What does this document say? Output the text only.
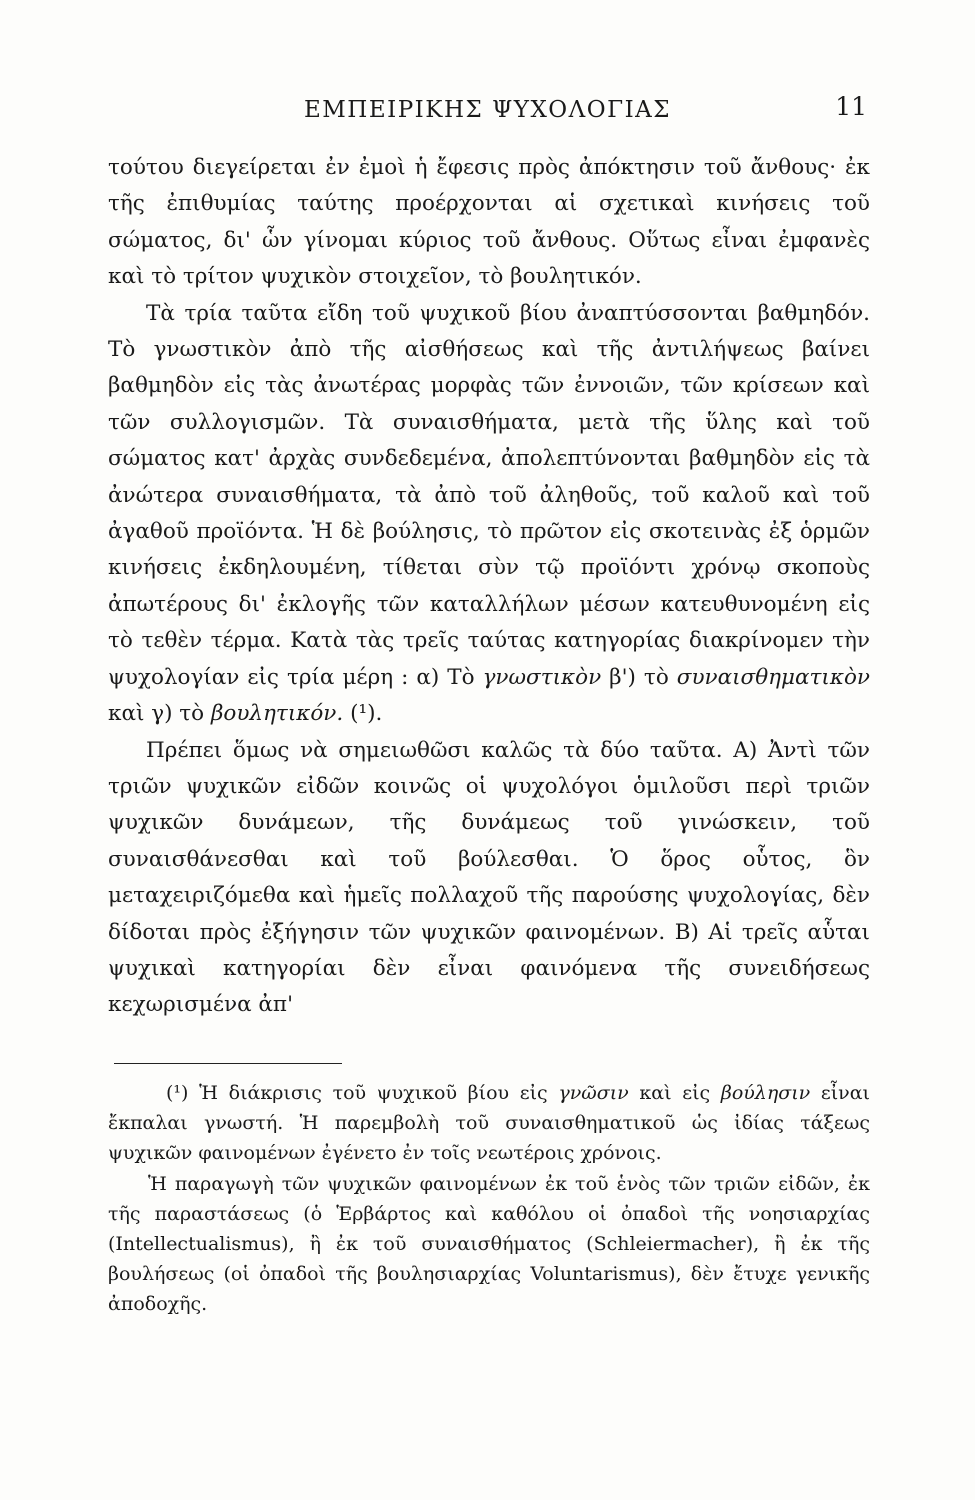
ΕΜΠΕΙΡΙΚΗΣ ΨΥΧΟΛΟΓΙΑΣ	11

τούτου διεγείρεται ἐν ἐμοὶ ἡ ἔφεσις πρὸς ἀπόκτησιν τοῦ ἄνθους· ἐκ τῆς ἐπιθυμίας ταύτης προέρχονται αἱ σχετικαὶ κινήσεις τοῦ σώματος, δι' ὧν γίνομαι κύριος τοῦ ἄνθους. Οὕτως εἶναι ἐμφανὲς καὶ τὸ τρίτον ψυχικὸν στοιχεῖον, τὸ βουλητικόν.

Τὰ τρία ταῦτα εἴδη τοῦ ψυχικοῦ βίου ἀναπτύσσονται βαθμηδόν. Τὸ γνωστικὸν ἀπὸ τῆς αἰσθήσεως καὶ τῆς ἀντιλήψεως βαίνει βαθμηδὸν εἰς τὰς ἀνωτέρας μορφὰς τῶν ἐννοιῶν, τῶν κρίσεων καὶ τῶν συλλογισμῶν. Τὰ συναισθήματα, μετὰ τῆς ὕλης καὶ τοῦ σώματος κατ' ἀρχὰς συνδεδεμένα, ἀπολεπτύνονται βαθμηδὸν εἰς τὰ ἀνώτερα συναισθήματα, τὰ ἀπὸ τοῦ ἀληθοῦς, τοῦ καλοῦ καὶ τοῦ ἀγαθοῦ προϊόντα. Ἡ δὲ βούλησις, τὸ πρῶτον εἰς σκοτεινὰς ἐξ ὁρμῶν κινήσεις ἐκδηλουμένη, τίθεται σὺν τῷ προϊόντι χρόνῳ σκοποὺς ἀπωτέρους δι' ἐκλογῆς τῶν καταλλήλων μέσων κατευθυνομένη εἰς τὸ τεθὲν τέρμα. Κατὰ τὰς τρεῖς ταύτας κατηγορίας διακρίνομεν τὴν ψυχολογίαν εἰς τρία μέρη : α) Τὸ γνωστικὸν β') τὸ συναισθηματικὸν καὶ γ) τὸ βουλητικόν. (¹).

Πρέπει ὅμως νὰ σημειωθῶσι καλῶς τὰ δύο ταῦτα. Α) Ἀντὶ τῶν τριῶν ψυχικῶν εἰδῶν κοινῶς οἱ ψυχολόγοι ὁμιλοῦσι περὶ τριῶν ψυχικῶν δυνάμεων, τῆς δυνάμεως τοῦ γινώσκειν, τοῦ συναισθάνεσθαι καὶ τοῦ βούλεσθαι. Ὁ ὅρος οὗτος, ὃν μεταχειριζόμεθα καὶ ἡμεῖς πολλαχοῦ τῆς παρούσης ψυχολογίας, δὲν δίδοται πρὸς ἐξήγησιν τῶν ψυχικῶν φαινομένων. Β) Αἱ τρεῖς αὗται ψυχικαὶ κατηγορίαι δὲν εἶναι φαινόμενα τῆς συνειδήσεως κεχωρισμένα ἀπ'

(¹) Ἡ διάκρισις τοῦ ψυχικοῦ βίου εἰς γνῶσιν καὶ εἰς βούλησιν εἶναι ἔκπαλαι γνωστή. Ἡ παρεμβολὴ τοῦ συναισθηματικοῦ ὡς ἰδίας τάξεως ψυχικῶν φαινομένων ἐγένετο ἐν τοῖς νεωτέροις χρόνοις.

Ἡ παραγωγὴ τῶν ψυχικῶν φαινομένων ἐκ τοῦ ἑνὸς τῶν τριῶν εἰδῶν, ἐκ τῆς παραστάσεως (ὁ Ἑρβάρτος καὶ καθόλου οἱ ὀπαδοὶ τῆς νοησιαρχίας (Intellectualismus), ἢ ἐκ τοῦ συναισθήματος (Schleiermacher), ἢ ἐκ τῆς βουλήσεως (οἱ ὀπαδοὶ τῆς βουλησιαρχίας Voluntarismus), δὲν ἔτυχε γενικῆς ἀποδοχῆς.
